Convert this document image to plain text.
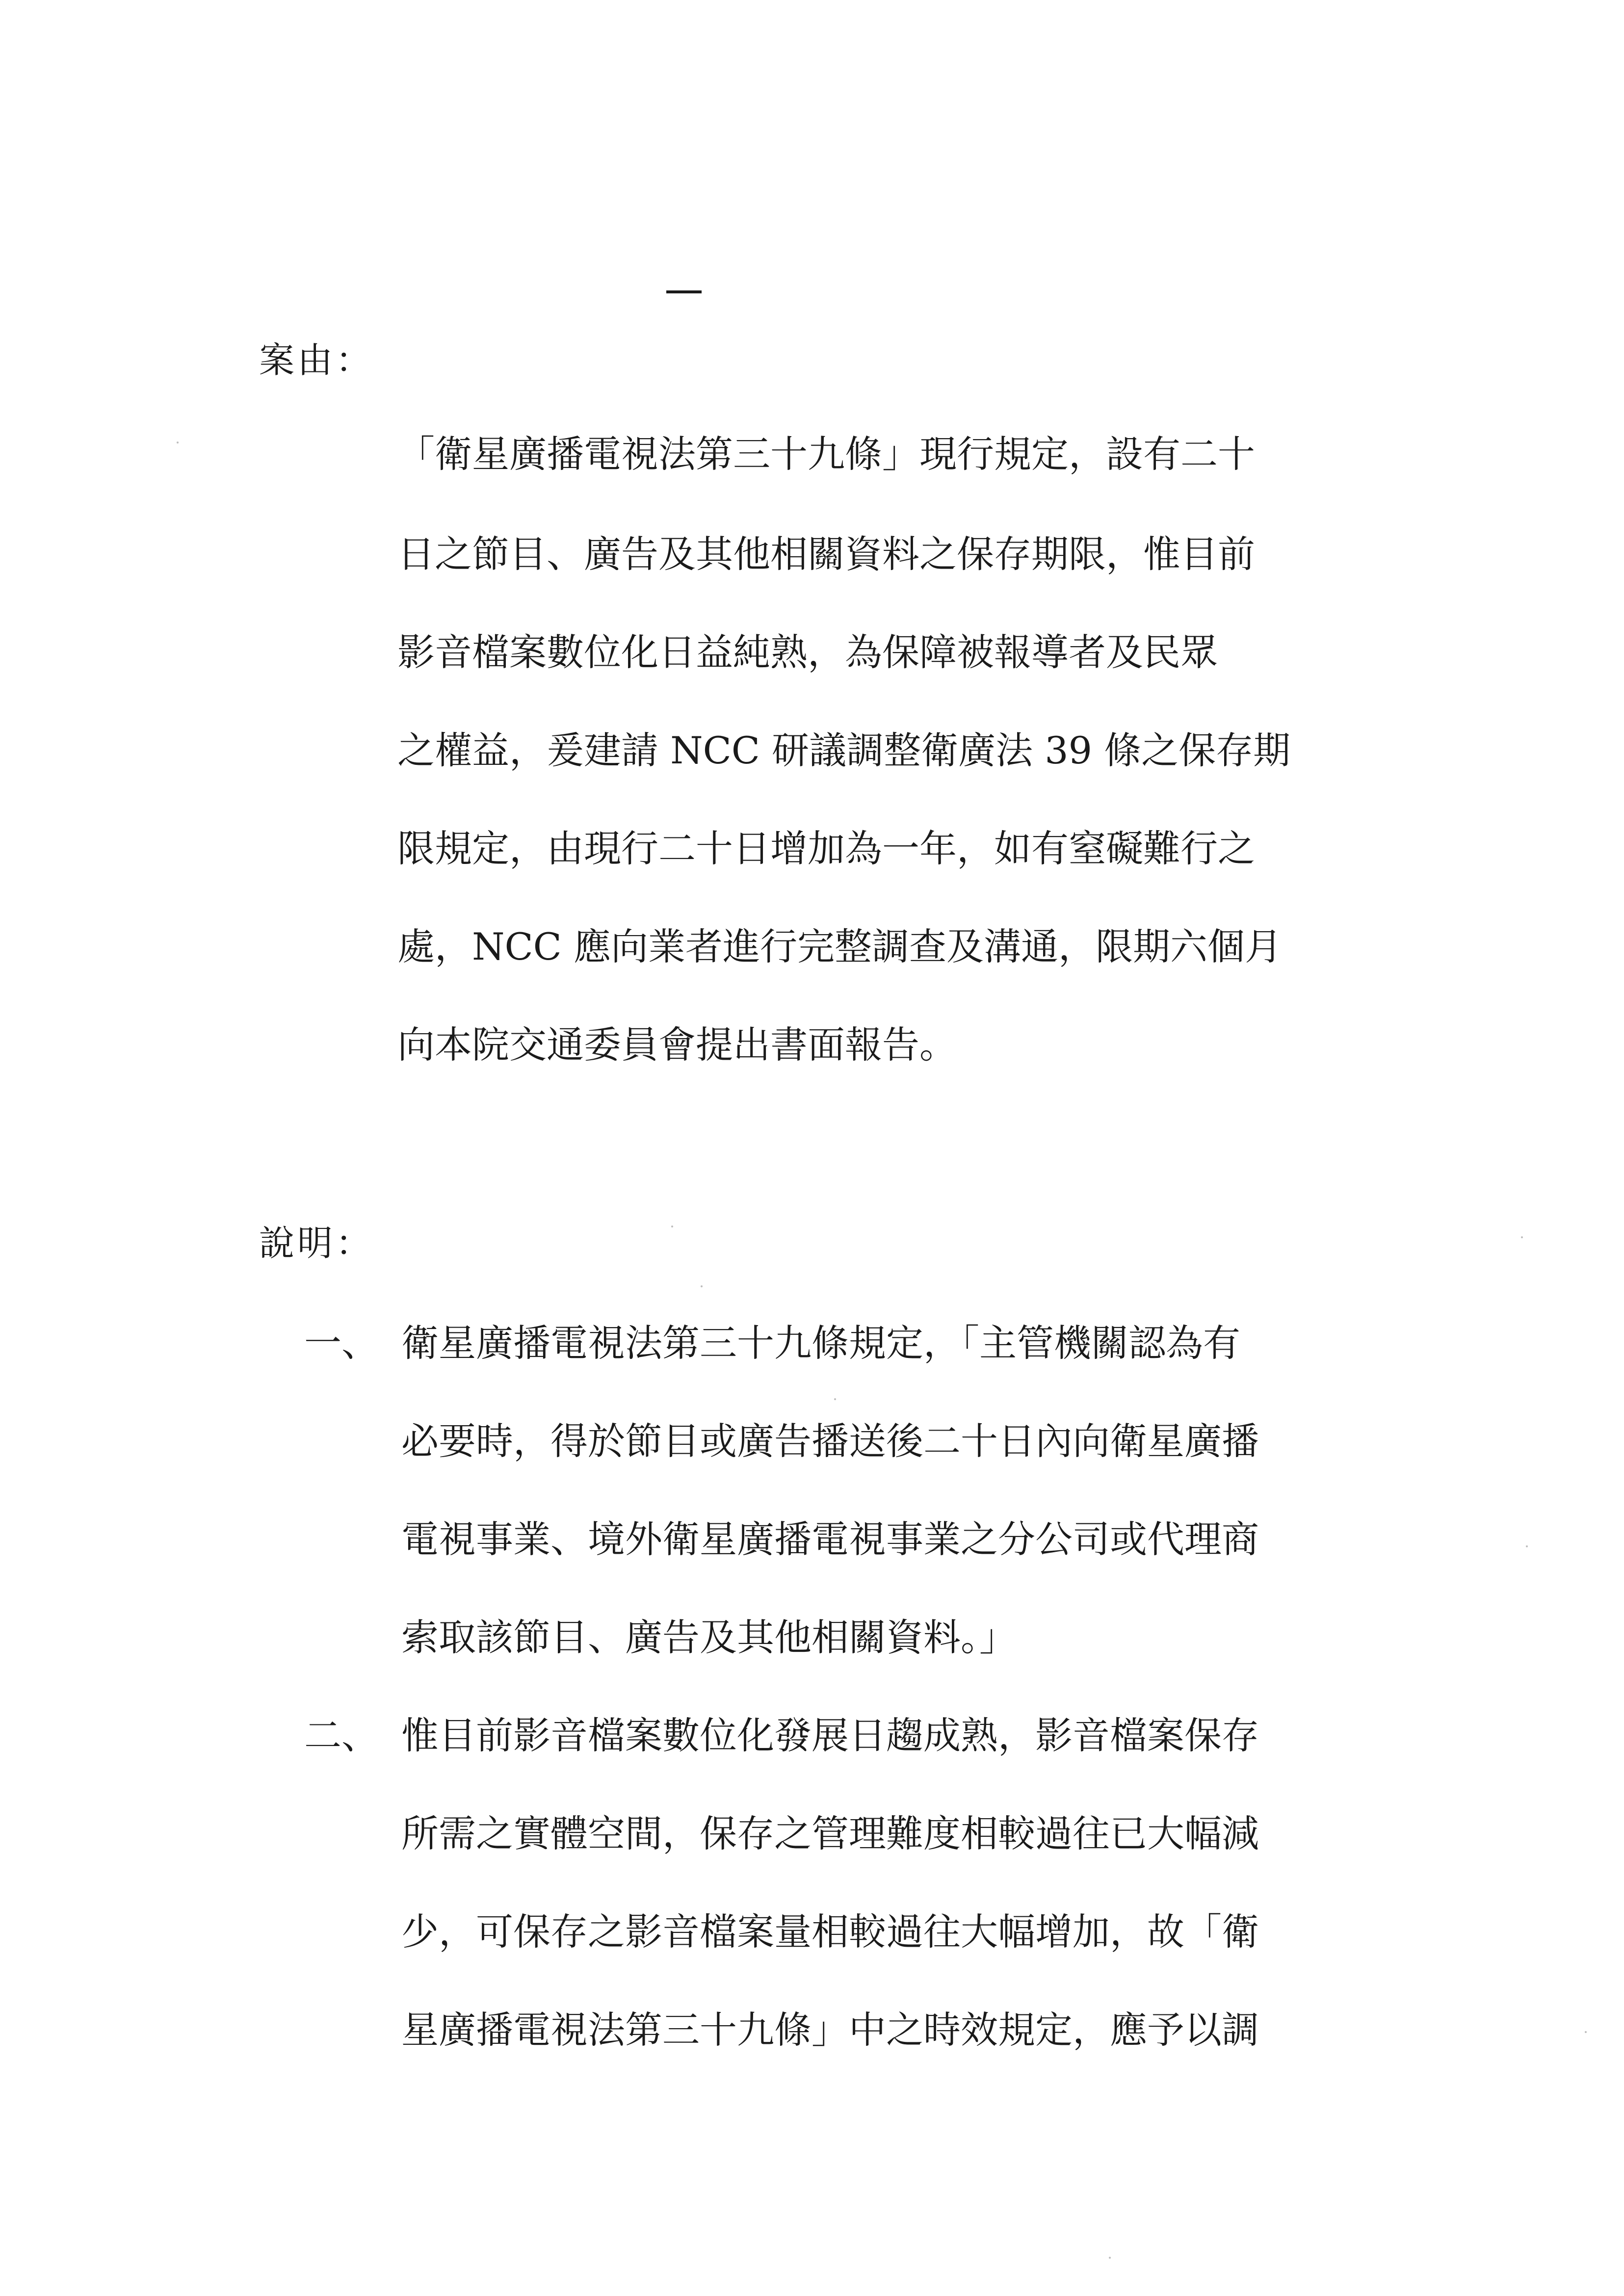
案由：
「衛星廣播電視法第三十九條」現行規定，設有二十
日之節目、廣告及其他相關資料之保存期限，惟目前
影音檔案數位化日益純熟，為保障被報導者及民眾
之權益，爰建請 NCC 研議調整衛廣法 39 條之保存期
限規定，由現行二十日增加為一年，如有窒礙難行之
處，NCC 應向業者進行完整調查及溝通，限期六個月
向本院交通委員會提出書面報告。
說明：
一、 衛星廣播電視法第三十九條規定，「主管機關認為有
必要時，得於節目或廣告播送後二十日內向衛星廣播
電視事業、境外衛星廣播電視事業之分公司或代理商
索取該節目、廣告及其他相關資料。」
二、 惟目前影音檔案數位化發展日趨成熟，影音檔案保存
所需之實體空間，保存之管理難度相較過往已大幅減
少，可保存之影音檔案量相較過往大幅增加，故「衛
星廣播電視法第三十九條」中之時效規定，應予以調
